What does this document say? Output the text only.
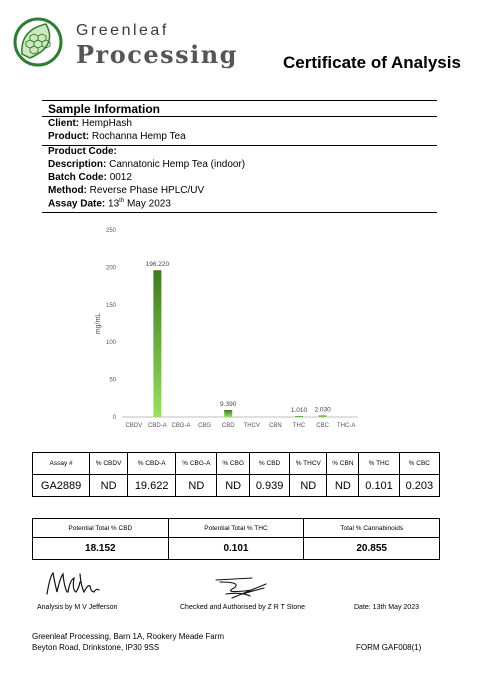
Greenleaf
Processing	Certificate of Analysis
Sample Information
Client: HempHash
Product: Rochanna Hemp Tea
Product Code:
Description: Cannatonic Hemp Tea (indoor)
Batch Code: 0012
Method: Reverse Phase HPLC/UV
Assay Date: 13th May 2023
0
50
100
150
200
250
mg/mL
CBDV CBD-A
196.220
CBG-A CBG CBD
9.390
THCV CBN THC
1.010
CBC
2.030
THC-A
Assay #	% CBDV	% CBD-A	% CBG-A	% CBG	% CBD	% THCV	% CBN	% THC	% CBC
GA2889	ND	19.622	ND	ND	0.939	ND	ND	0.101	0.203
Potential Total % CBD	Potential Total % THC	Total % Cannabinoids
18.152	0.101	20.855
Analysis by M V Jefferson	Checked and Authorised by Z R T Stone	Date: 13th May 2023
Greenleaf Processing, Barn 1A, Rookery Meade Farm
Beyton Road, Drinkstone, IP30 9SS	FORM GAF008(1)
